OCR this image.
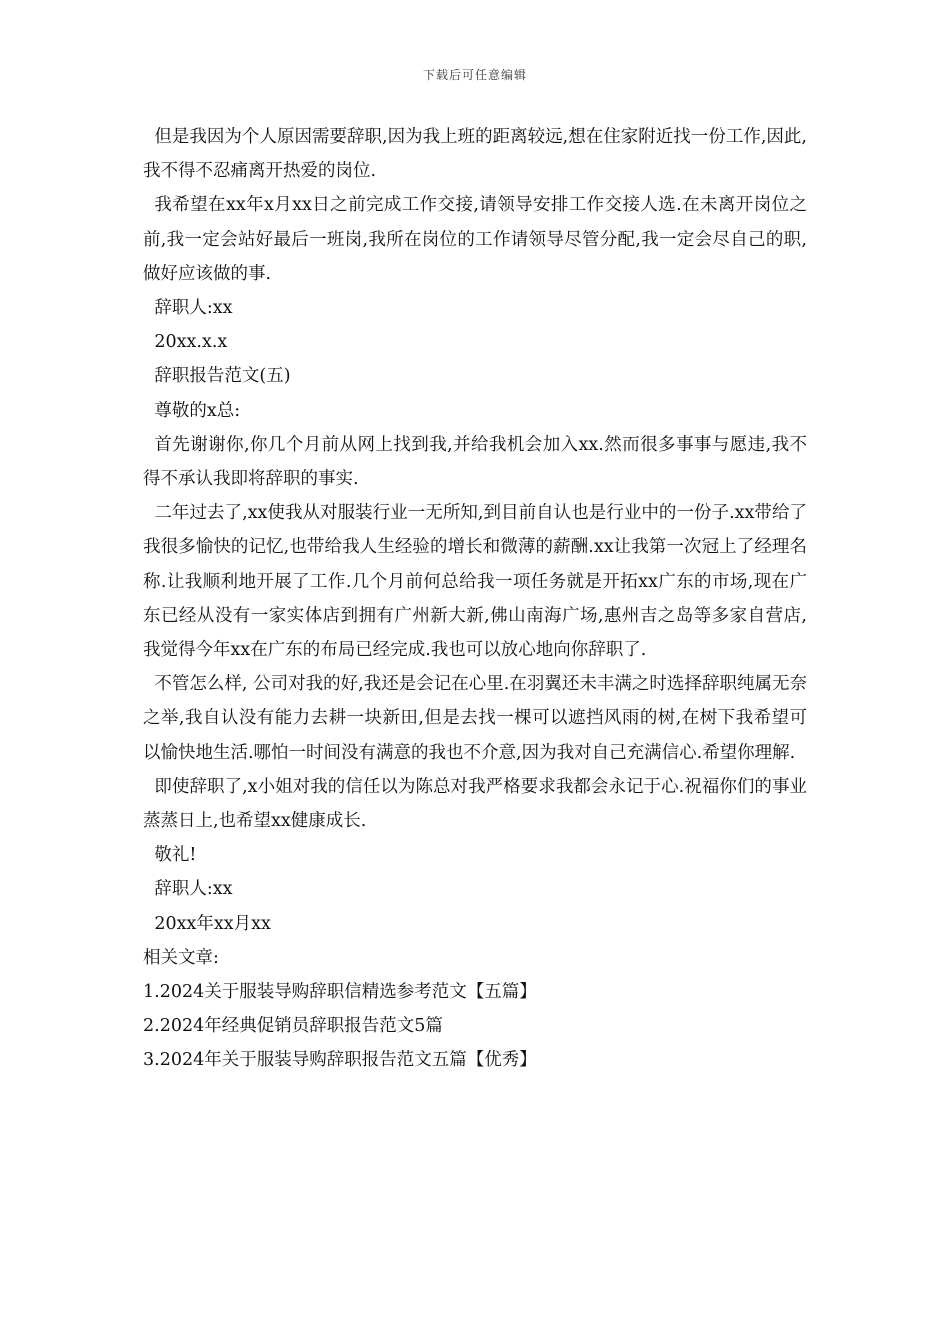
下载后可任意编辑

但是我因为个人原因需要辞职,因为我上班的距离较远,想在住家附近找一份工作,因此,我不得不忍痛离开热爱的岗位.

我希望在xx年x月xx日之前完成工作交接,请领导安排工作交接人选.在未离开岗位之前,我一定会站好最后一班岗,我所在岗位的工作请领导尽管分配,我一定会尽自己的职,做好应该做的事.

辞职人:xx

20xx.x.x

辞职报告范文(五)

尊敬的x总:

首先谢谢你,你几个月前从网上找到我,并给我机会加入xx.然而很多事事与愿违,我不得不承认我即将辞职的事实.

二年过去了,xx使我从对服装行业一无所知,到目前自认也是行业中的一份子.xx带给了我很多愉快的记忆,也带给我人生经验的增长和微薄的薪酬.xx让我第一次冠上了经理名称.让我顺利地开展了工作.几个月前何总给我一项任务就是开拓xx广东的市场,现在广东已经从没有一家实体店到拥有广州新大新,佛山南海广场,惠州吉之岛等多家自营店,我觉得今年xx在广东的布局已经完成.我也可以放心地向你辞职了.

不管怎么样, 公司对我的好,我还是会记在心里.在羽翼还未丰满之时选择辞职纯属无奈之举,我自认没有能力去耕一块新田,但是去找一棵可以遮挡风雨的树,在树下我希望可以愉快地生活.哪怕一时间没有满意的我也不介意,因为我对自己充满信心.希望你理解.

即使辞职了,x小姐对我的信任以为陈总对我严格要求我都会永记于心.祝福你们的事业蒸蒸日上,也希望xx健康成长.

敬礼!

辞职人:xx

20xx年xx月xx

相关文章:

1.2024关于服装导购辞职信精选参考范文【五篇】

2.2024年经典促销员辞职报告范文5篇

3.2024年关于服装导购辞职报告范文五篇【优秀】
